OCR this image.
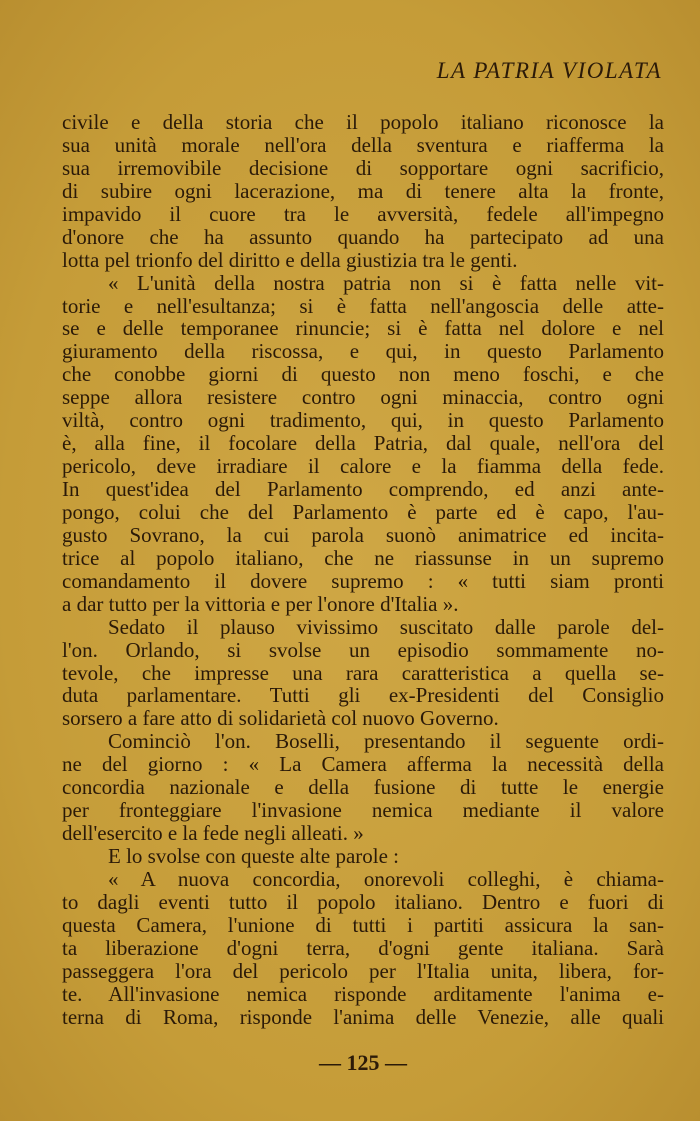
LA PATRIA VIOLATA
civile e della storia che il popolo italiano riconosce la
sua unità morale nell'ora della sventura e riafferma la
sua irremovibile decisione di sopportare ogni sacrificio,
di subire ogni lacerazione, ma di tenere alta la fronte,
impavido il cuore tra le avversità, fedele all'impegno
d'onore che ha assunto quando ha partecipato ad una
lotta pel trionfo del diritto e della giustizia tra le genti.
« L'unità della nostra patria non si è fatta nelle vit-
torie e nell'esultanza; si è fatta nell'angoscia delle atte-
se e delle temporanee rinuncie; si è fatta nel dolore e nel
giuramento della riscossa, e qui, in questo Parlamento
che conobbe giorni di questo non meno foschi, e che
seppe allora resistere contro ogni minaccia, contro ogni
viltà, contro ogni tradimento, qui, in questo Parlamento
è, alla fine, il focolare della Patria, dal quale, nell'ora del
pericolo, deve irradiare il calore e la fiamma della fede.
In quest'idea del Parlamento comprendo, ed anzi ante-
pongo, colui che del Parlamento è parte ed è capo, l'au-
gusto Sovrano, la cui parola suonò animatrice ed incita-
trice al popolo italiano, che ne riassunse in un supremo
comandamento il dovere supremo : « tutti siam pronti
a dar tutto per la vittoria e per l'onore d'Italia ».
Sedato il plauso vivissimo suscitato dalle parole del-
l'on. Orlando, si svolse un episodio sommamente no-
tevole, che impresse una rara caratteristica a quella se-
duta parlamentare. Tutti gli ex-Presidenti del Consiglio
sorsero a fare atto di solidarietà col nuovo Governo.
Cominciò l'on. Boselli, presentando il seguente ordi-
ne del giorno : « La Camera afferma la necessità della
concordia nazionale e della fusione di tutte le energie
per fronteggiare l'invasione nemica mediante il valore
dell'esercito e la fede negli alleati. »
E lo svolse con queste alte parole :
« A nuova concordia, onorevoli colleghi, è chiama-
to dagli eventi tutto il popolo italiano. Dentro e fuori di
questa Camera, l'unione di tutti i partiti assicura la san-
ta liberazione d'ogni terra, d'ogni gente italiana. Sarà
passeggera l'ora del pericolo per l'Italia unita, libera, for-
te. All'invasione nemica risponde arditamente l'anima e-
terna di Roma, risponde l'anima delle Venezie, alle quali
— 125 —
